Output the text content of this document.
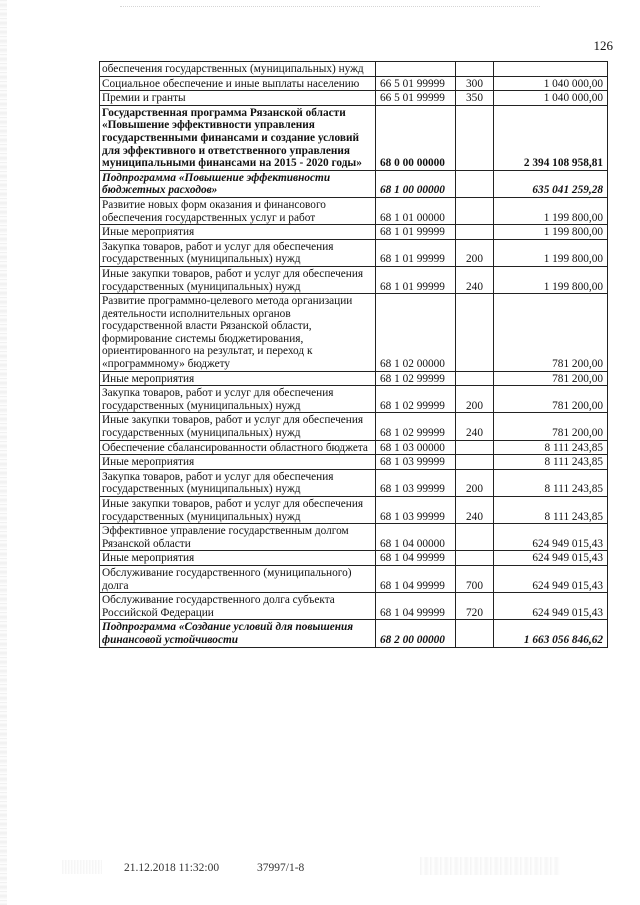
126
обеспечения государственных (муниципальных) нужд			
Социальное обеспечение и иные выплаты населению	66 5 01 99999	300	1 040 000,00
Премии и гранты	66 5 01 99999	350	1 040 000,00
Государственная программа Рязанской области «Повышение эффективности управления государственными финансами и создание условий для эффективного и ответственного управления муниципальными финансами на 2015 - 2020 годы»	68 0 00 00000		2 394 108 958,81
Подпрограмма «Повышение эффективности бюджетных расходов»	68 1 00 00000		635 041 259,28
Развитие новых форм оказания и финансового обеспечения государственных услуг и работ	68 1 01 00000		1 199 800,00
Иные мероприятия	68 1 01 99999		1 199 800,00
Закупка товаров, работ и услуг для обеспечения государственных (муниципальных) нужд	68 1 01 99999	200	1 199 800,00
Иные закупки товаров, работ и услуг для обеспечения государственных (муниципальных) нужд	68 1 01 99999	240	1 199 800,00
Развитие программно-целевого метода организации деятельности исполнительных органов государственной власти Рязанской области, формирование системы бюджетирования, ориентированного на результат, и переход к «программному» бюджету	68 1 02 00000		781 200,00
Иные мероприятия	68 1 02 99999		781 200,00
Закупка товаров, работ и услуг для обеспечения государственных (муниципальных) нужд	68 1 02 99999	200	781 200,00
Иные закупки товаров, работ и услуг для обеспечения государственных (муниципальных) нужд	68 1 02 99999	240	781 200,00
Обеспечение сбалансированности областного бюджета	68 1 03 00000		8 111 243,85
Иные мероприятия	68 1 03 99999		8 111 243,85
Закупка товаров, работ и услуг для обеспечения государственных (муниципальных) нужд	68 1 03 99999	200	8 111 243,85
Иные закупки товаров, работ и услуг для обеспечения государственных (муниципальных) нужд	68 1 03 99999	240	8 111 243,85
Эффективное управление государственным долгом Рязанской области	68 1 04 00000		624 949 015,43
Иные мероприятия	68 1 04 99999		624 949 015,43
Обслуживание государственного (муниципального) долга	68 1 04 99999	700	624 949 015,43
Обслуживание государственного долга субъекта Российской Федерации	68 1 04 99999	720	624 949 015,43
Подпрограмма «Создание условий для повышения финансовой устойчивости	68 2 00 00000		1 663 056 846,62
21.12.2018 11:32:00	37997/1-8
